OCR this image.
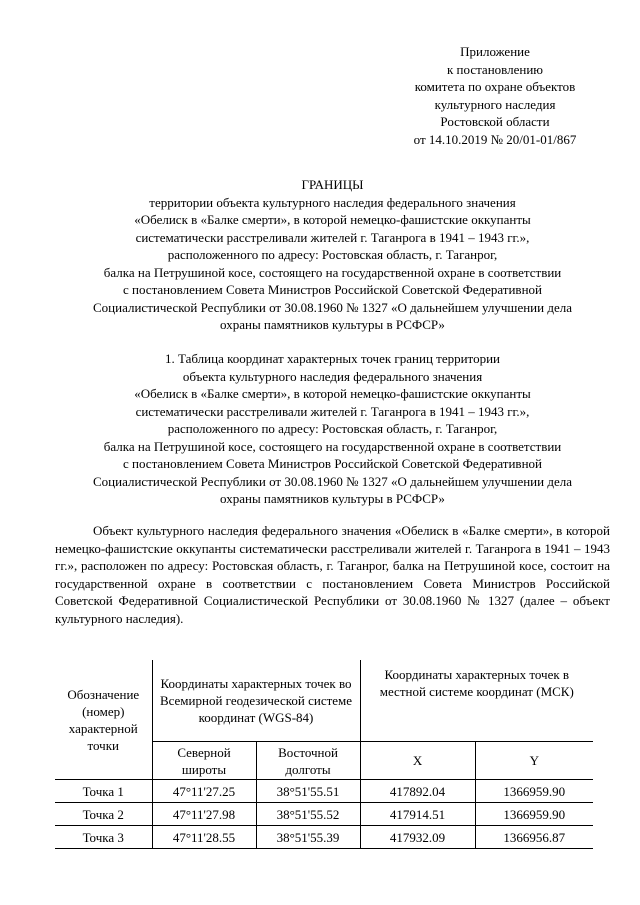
Приложение
к постановлению
комитета по охране объектов
культурного наследия
Ростовской области
от 14.10.2019 № 20/01-01/867
ГРАНИЦЫ
территории объекта культурного наследия федерального значения
«Обелиск в «Балке смерти», в которой немецко-фашистские оккупанты
систематически расстреливали жителей г. Таганрога в 1941 – 1943 гг.»,
расположенного по адресу: Ростовская область, г. Таганрог,
балка на Петрушиной косе, состоящего на государственной охране в соответствии
с постановлением Совета Министров Российской Советской Федеративной
Социалистической Республики от 30.08.1960 № 1327 «О дальнейшем улучшении дела
охраны памятников культуры в РСФСР»
1. Таблица координат характерных точек границ территории
объекта культурного наследия федерального значения
«Обелиск в «Балке смерти», в которой немецко-фашистские оккупанты
систематически расстреливали жителей г. Таганрога в 1941 – 1943 гг.»,
расположенного по адресу: Ростовская область, г. Таганрог,
балка на Петрушиной косе, состоящего на государственной охране в соответствии
с постановлением Совета Министров Российской Советской Федеративной
Социалистической Республики от 30.08.1960 № 1327 «О дальнейшем улучшении дела
охраны памятников культуры в РСФСР»

Объект культурного наследия федерального значения «Обелиск в «Балке смерти», в которой немецко-фашистские оккупанты систематически расстреливали жителей г. Таганрога в 1941 – 1943 гг.», расположен по адресу: Ростовская область, г. Таганрог, балка на Петрушиной косе, состоит на государственной охране в соответствии с постановлением Совета Министров Российской Советской Федеративной Социалистической Республики от 30.08.1960 № 1327 (далее – объект культурного наследия).

Обозначение (номер) характерной точки	Координаты характерных точек во Всемирной геодезической системе координат (WGS-84)		Координаты характерных точек в местной системе координат (МСК)	
	Северной широты	Восточной долготы	X	Y
Точка 1	47°11'27.25	38°51'55.51	417892.04	1366959.90
Точка 2	47°11'27.98	38°51'55.52	417914.51	1366959.90
Точка 3	47°11'28.55	38°51'55.39	417932.09	1366956.87
